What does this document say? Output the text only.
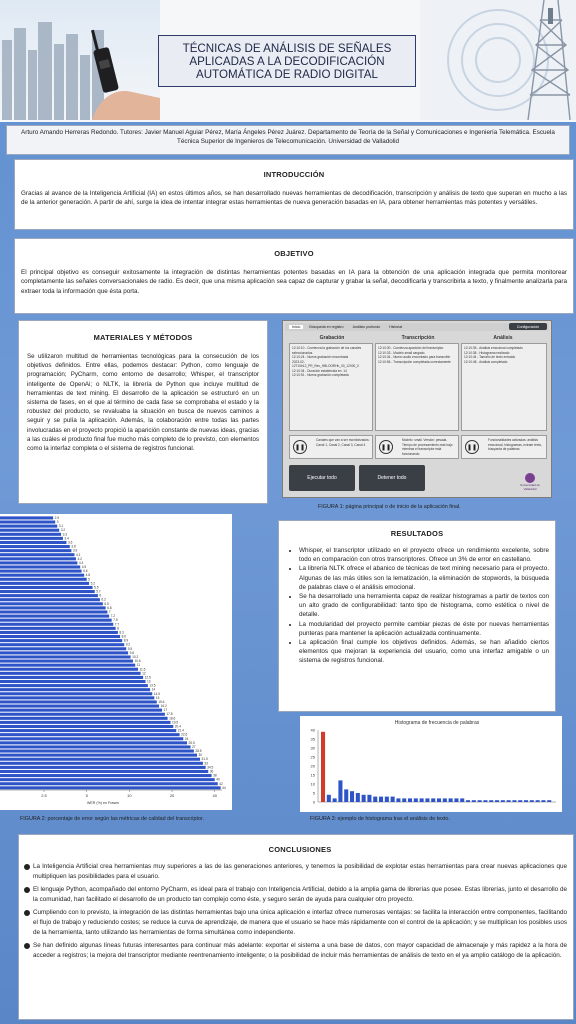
TÉCNICAS DE ANÁLISIS DE SEÑALES APLICADAS A LA DECODIFICACIÓN AUTOMÁTICA DE RADIO DIGITAL
Arturo Amando Herreras Redondo. Tutores: Javier Manuel Aguiar Pérez, María Ángeles Pérez Juárez. Departamento de Teoría de la Señal y Comunicaciones e Ingeniería Telemática. Escuela Técnica Superior de Ingenieros de Telecomunicación. Universidad de Valladolid
INTRODUCCIÓN
Gracias al avance de la Inteligencia Artificial (IA) en estos últimos años, se han desarrollado nuevas herramientas de decodificación, transcripción y análisis de texto que superan en mucho a las de la anterior generación. A partir de ahí, surge la idea de intentar integrar estas herramientas de nueva generación basadas en IA, para obtener herramientas más potentes y versátiles.
OBJETIVO
El principal objetivo es conseguir exitosamente la integración de distintas herramientas potentes basadas en IA para la obtención de una aplicación integrada que permita monitorear completamente las señales conversacionales de radio. Es decir, que una misma aplicación sea capaz de capturar y grabar la señal, decodificarla y transcribirla a texto, y finalmente analizarla para extraer toda la información que ésta porta.
MATERIALES Y MÉTODOS
Se utilizaron multitud de herramientas tecnológicas para la consecución de los objetivos definidos. Entre ellas, podemos destacar: Python, como lenguaje de programación; PyCharm, como entorno de desarrollo; Whisper, el transcriptor inteligente de OpenAi; o NLTK, la librería de Python que incluye multitud de herramientas de text mining. El desarrollo de la aplicación se estructuró en un sistema de fases, en el que al término de cada fase se comprobaba el estado y la robustez del producto, se revaluaba la situación en busca de nuevos caminos a seguir y se pulía la aplicación. Además, la colaboración entre todas las partes involucradas en el proyecto propició la aparición constante de nuevas ideas, gracias a las cuáles el producto final fue mucho más completo de lo previsto, con elementos como la interfaz completa o el sistema de registros funcional.
Inicio	Búsqueda en registro	Análisis profundo	Historial	Configuración
Grabación	Transcripción	Análisis
12:10:10 - Comienza la grabación de los canales seleccionados.
12:10:24 - Nueva grabación encontrada
2023-02-12T10b12_PR_Rev_HBLOORHh_00_12000_0
12:10:34 - Duración establecida en: 14
12:10:51 - Nueva grabación completada
12:10:30 - Comienza aparición del transcriptor.
12:10:33 - Modelo small cargado.
12:10:34 - Nuevo audio encontrado para transcribir
12:10:56 - Transcripción completada correctamente
12:10:35 - Análisis emocional completado
12:10:38 - Histograma realizado
12:10:44 - Tamaño de texto extraído
12:10:48 - Análisis completado
Canales que van a ser monitorizados: Canal 1, Canal 2, Canal 3, Canal 4
Modelo: small. Versión: pesada. Tiempo de procesamiento más bajo mientras el transcriptor está funcionando
Funcionalidades activadas: análisis emocional, histogramas, extraer texto, búsqueda de palabras
❚❚	❚❚	❚❚
Ejecutar todo	Detener todo
Universidad de Valladolid
FIGURA 1: página principal o de inicio de la aplicación final.
2.9
3
3.1
3.2
3.3
3.4
3.6
3.8
3.9
4.1
4.2
4.3
4.5
4.6
4.8
5
5.2
5.5
5.7
6
6.2
6.5
6.8
7
7.2
7.5
7.7
8
8.3
8.6
8.9
9.2
9.5
9.8
10.2
10.6
11
11.5
12
12.5
13
13.5
14
14.5
15
15.6
16.2
17
17.8
18.6
19.5
20.4
21.4
22.6
24
25.5
27
28.5
30
31.5
33
34.5
36
38
40
42
44
2.5	5	10	20	40
WER (%) en Frases
FIGURA 2: porcentaje de error según las métricas de calidad del transcriptor.
RESULTADOS
• Whisper, el transcriptor utilizado en el proyecto ofrece un rendimiento excelente, sobre todo en comparación con otros transcriptores. Ofrece un 3% de error en castellano.
• La librería NLTK ofrece el abanico de técnicas de text mining necesario para el proyecto. Algunas de las más útiles son la lematización, la eliminación de stopwords, la búsqueda de palabras clave o el análisis emocional.
• Se ha desarrollado una herramienta capaz de realizar histogramas a partir de textos con un alto grado de configurabilidad: tanto tipo de histograma, como estética o nivel de detalle.
• La modularidad del proyecto permite cambiar piezas de éste por nuevas herramientas punteras para mantener la aplicación actualizada continuamente.
• La aplicación final cumple los objetivos definidos. Además, se han añadido ciertos elementos que mejoran la experiencia del usuario, como una interfaz amigable o un sistema de registros funcional.
Histograma de frecuencia de palabras
0
5
10
15
20
25
30
35
40
FIGURA 3: ejemplo de histograma tras el análisis de texto.
CONCLUSIONES
La Inteligencia Artificial crea herramientas muy superiores a las de las generaciones anteriores, y tenemos la posibilidad de explotar estas herramientas para crear nuevas aplicaciones que multipliquen las posibilidades para el usuario.
El lenguaje Python, acompañado del entorno PyCharm, es ideal para el trabajo con Inteligencia Artificial, debido a la amplia gama de librerías que posee. Estas librerías, junto el desarrollo de la comunidad, han facilitado el desarrollo de un producto tan complejo como éste, y seguro serán de ayuda para cualquier otro proyecto.
Cumpliendo con lo previsto, la integración de las distintas herramientas bajo una única aplicación e interfaz ofrece numerosas ventajas: se facilita la interacción entre componentes, facilitando el flujo de trabajo y reduciendo costes; se reduce la curva de aprendizaje, de manera que el usuario se hace más rápidamente con el control de la aplicación; y se multiplican los posibles usos de la herramienta, tanto utilizando las herramientas de forma simultánea como independiente.
Se han definido algunas líneas futuras interesantes para continuar más adelante: exportar el sistema a una base de datos, con mayor capacidad de almacenaje y más rapidez a la hora de acceder a registros; la mejora del transcriptor mediante reentrenamiento inteligente; o la posibilidad de incluir más herramientas de análisis de texto en el ya amplio catálogo de la aplicación.
